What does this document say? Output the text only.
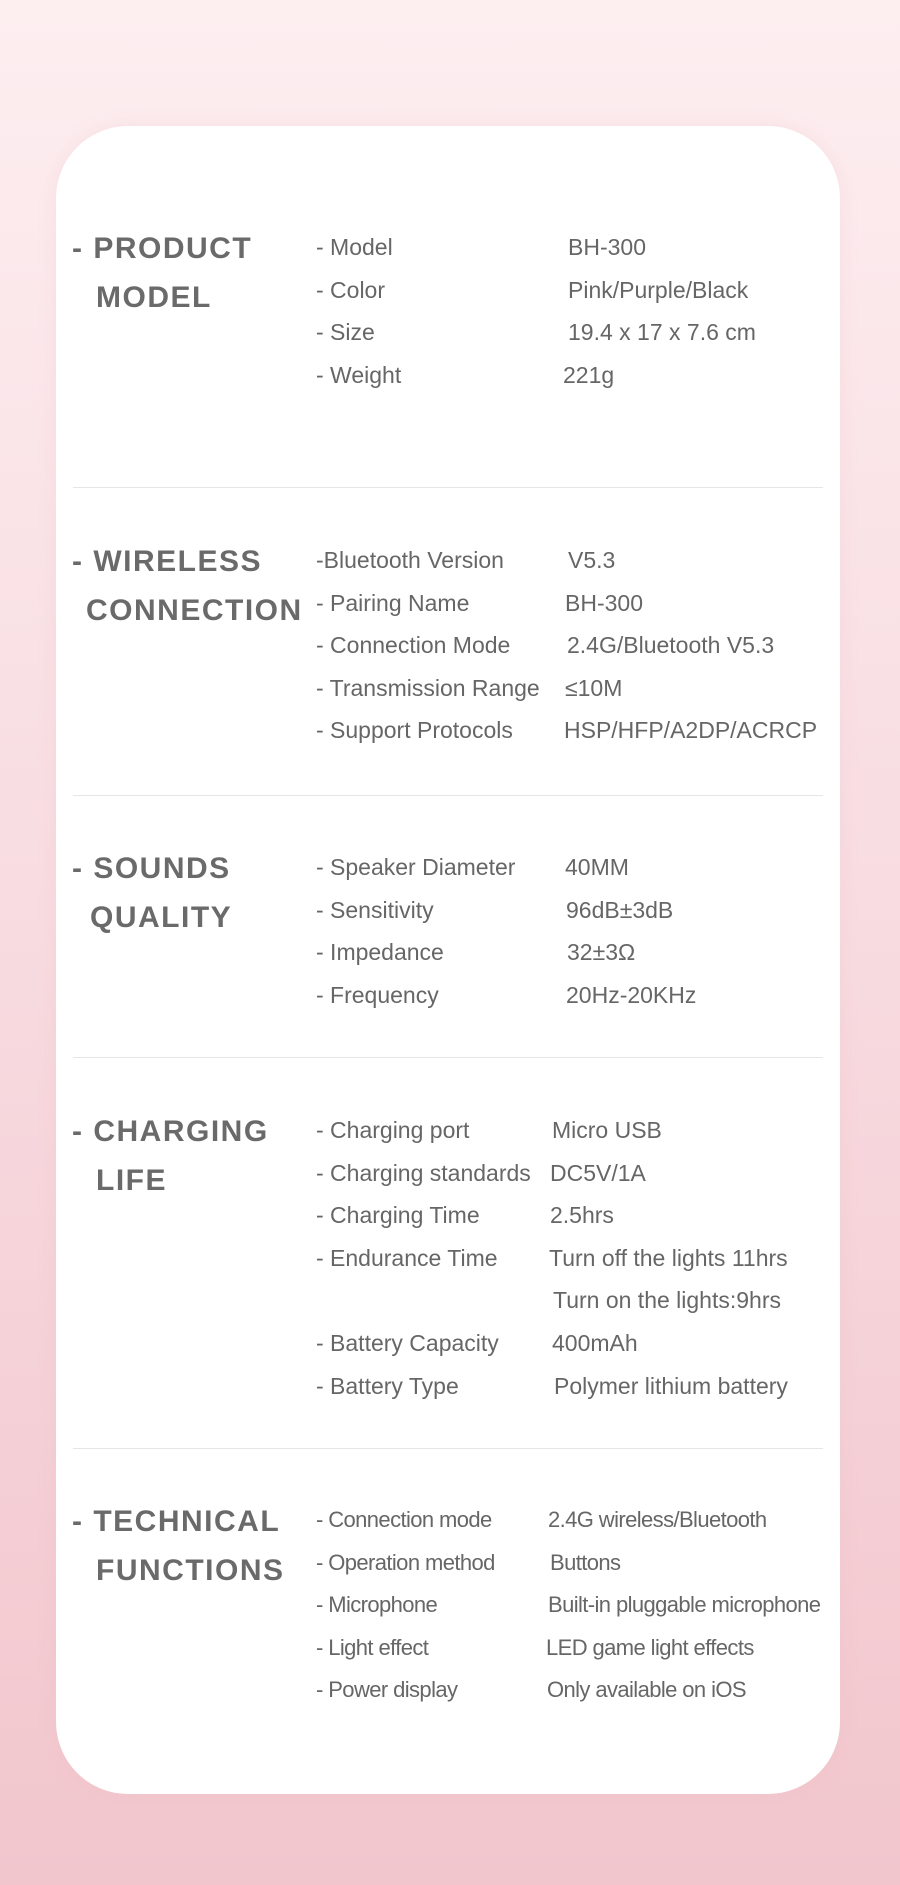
- PRODUCT
MODEL
- Model	BH-300
- Color	Pink/Purple/Black
- Size	19.4 x 17 x 7.6 cm
- Weight	221g
- WIRELESS
CONNECTION
-Bluetooth Version	V5.3
- Pairing Name	BH-300
- Connection Mode 2.4G/Bluetooth V5.3
- Transmission Range ≤10M
- Support Protocols HSP/HFP/A2DP/ACRCP
- SOUNDS
QUALITY
- Speaker Diameter 40MM
- Sensitivity	96dB±3dB
- Impedance	32±3Ω
- Frequency	20Hz-20KHz
- CHARGING
LIFE
- Charging port	Micro USB
- Charging standards DC5V/1A
- Charging Time	2.5hrs
- Endurance Time Turn off the lights 11hrs
Turn on the lights:9hrs
- Battery Capacity 400mAh
- Battery Type	Polymer lithium battery
- TECHNICAL
FUNCTIONS
- Connection mode	2.4G wireless/Bluetooth
- Operation method	Buttons
- Microphone	Built-in pluggable microphone
- Light effect	LED game light effects
- Power display	Only available on iOS
